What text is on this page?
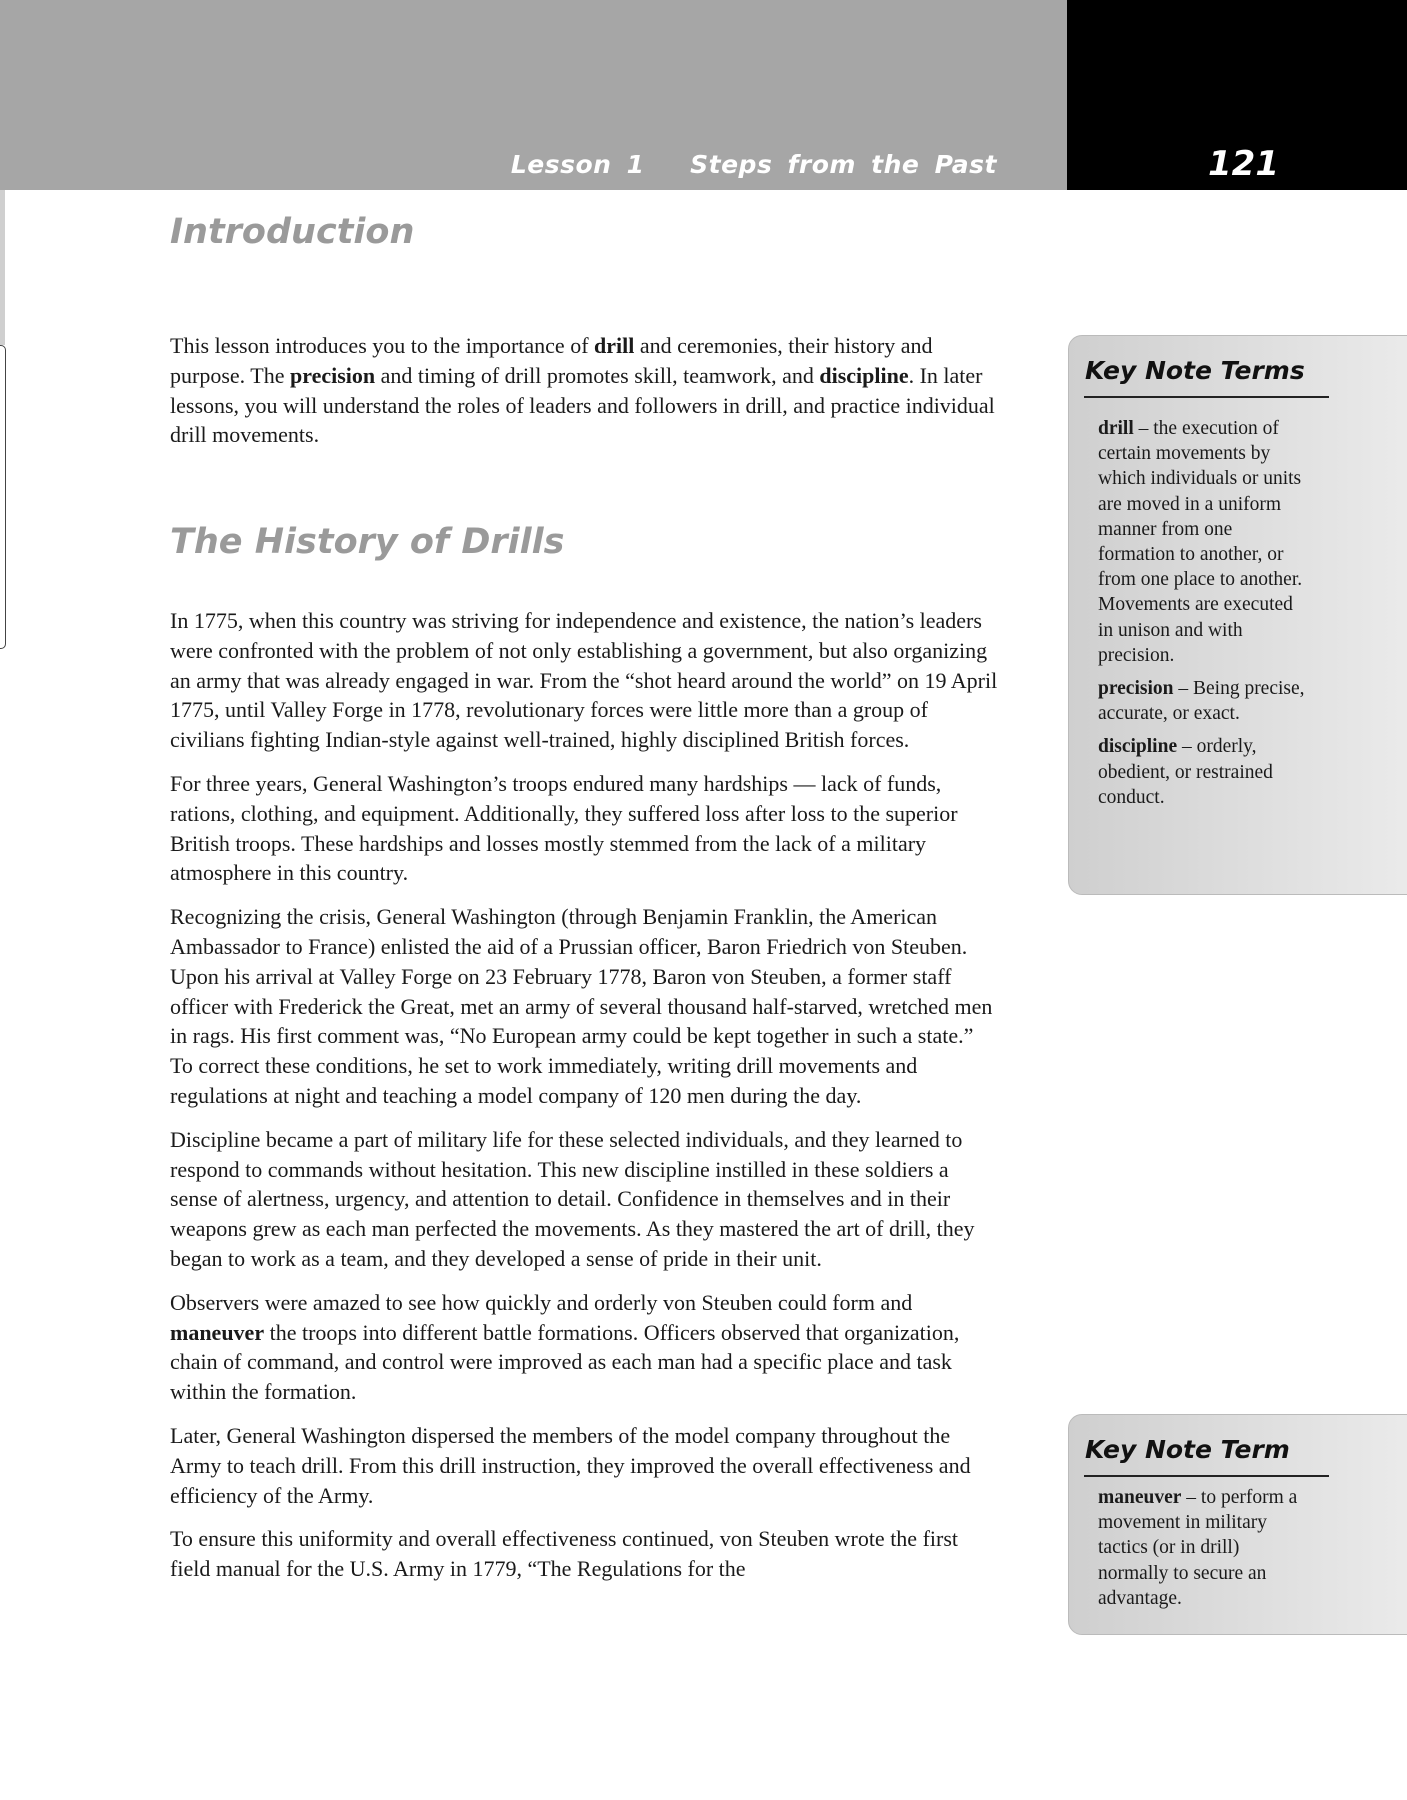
Lesson 1   Steps from the Past	121
Introduction

This lesson introduces you to the importance of drill and ceremonies, their history and purpose. The precision and timing of drill promotes skill, teamwork, and discipline. In later lessons, you will understand the roles of leaders and followers in drill, and practice individual drill movements.

The History of Drills

In 1775, when this country was striving for independence and existence, the nation’s leaders were confronted with the problem of not only establishing a government, but also organizing an army that was already engaged in war. From the “shot heard around the world” on 19 April 1775, until Valley Forge in 1778, revolutionary forces were little more than a group of civilians fighting Indian-style against well-trained, highly disciplined British forces.

For three years, General Washington’s troops endured many hardships — lack of funds, rations, clothing, and equipment. Additionally, they suffered loss after loss to the superior British troops. These hardships and losses mostly stemmed from the lack of a military atmosphere in this country.

Recognizing the crisis, General Washington (through Benjamin Franklin, the American Ambassador to France) enlisted the aid of a Prussian officer, Baron Friedrich von Steuben. Upon his arrival at Valley Forge on 23 February 1778, Baron von Steuben, a former staff officer with Frederick the Great, met an army of several thousand half-starved, wretched men in rags. His first comment was, “No European army could be kept together in such a state.” To correct these conditions, he set to work immediately, writing drill movements and regulations at night and teaching a model company of 120 men during the day.

Discipline became a part of military life for these selected individuals, and they learned to respond to commands without hesitation. This new discipline instilled in these soldiers a sense of alertness, urgency, and attention to detail. Confidence in themselves and in their weapons grew as each man perfected the movements. As they mastered the art of drill, they began to work as a team, and they developed a sense of pride in their unit.

Observers were amazed to see how quickly and orderly von Steuben could form and maneuver the troops into different battle formations. Officers observed that organization, chain of command, and control were improved as each man had a specific place and task within the formation.

Later, General Washington dispersed the members of the model company throughout the Army to teach drill. From this drill instruction, they improved the overall effectiveness and efficiency of the Army.

To ensure this uniformity and overall effectiveness continued, von Steuben wrote the first field manual for the U.S. Army in 1779, “The Regulations for the

Key Note Terms

drill – the execution of certain movements by which individuals or units are moved in a uniform manner from one formation to another, or from one place to another. Movements are executed in unison and with precision.

precision – Being precise, accurate, or exact.

discipline – orderly, obedient, or restrained conduct.

Key Note Term

maneuver – to perform a movement in military tactics (or in drill) normally to secure an advantage.
